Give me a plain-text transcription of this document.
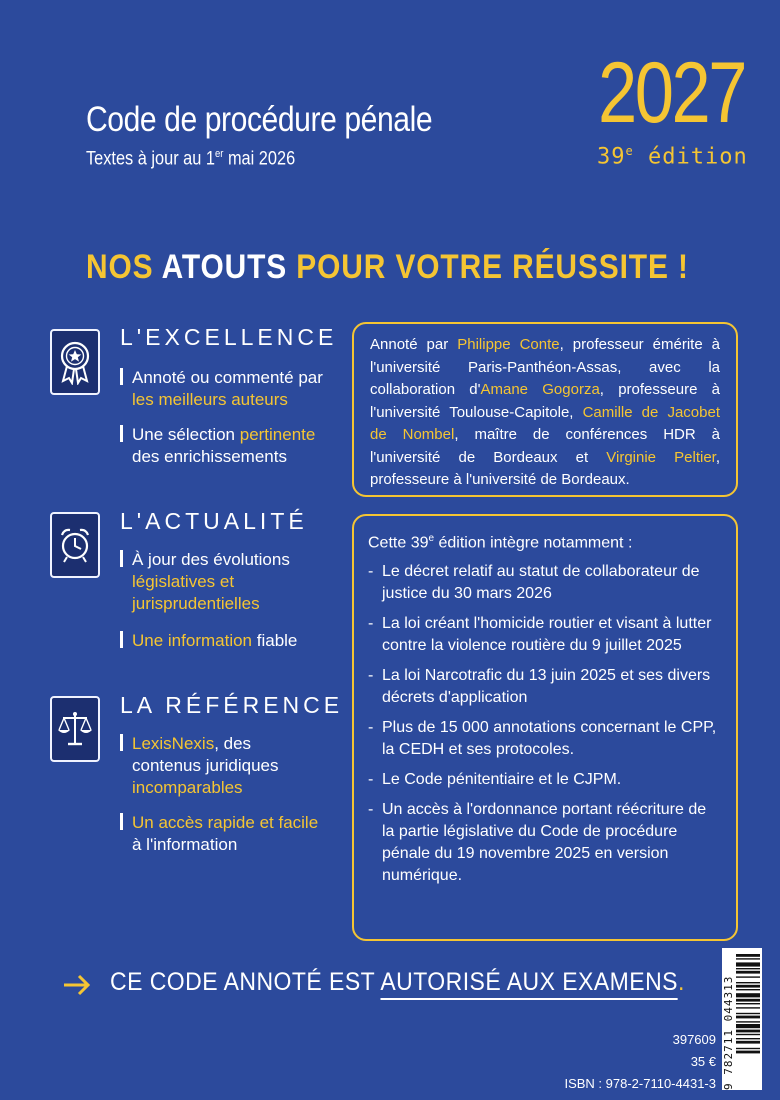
Code de procédure pénale
Textes à jour au 1er mai 2026
2027
39e édition
NOS ATOUTS POUR VOTRE RÉUSSITE !
L'EXCELLENCE
Annoté ou commenté par
les meilleurs auteurs
Une sélection pertinente
des enrichissements
L'ACTUALITÉ
À jour des évolutions
législatives et
jurisprudentielles
Une information fiable
LA RÉFÉRENCE
LexisNexis, des
contenus juridiques
incomparables
Un accès rapide et facile
à l'information

Annoté par Philippe Conte, professeur émérite à l'université Paris-Panthéon-Assas, avec la collaboration d'Amane Gogorza, professeure à l'université Toulouse-Capitole, Camille de Jacobet de Nombel, maître de conférences HDR à l'université de Bordeaux et Virginie Peltier, professeure à l'université de Bordeaux.

Cette 39e édition intègre notamment :
- Le décret relatif au statut de collaborateur de justice du 30 mars 2026
- La loi créant l'homicide routier et visant à lutter contre la violence routière du 9 juillet 2025
- La loi Narcotrafic du 13 juin 2025 et ses divers décrets d'application
- Plus de 15 000 annotations concernant le CPP, la CEDH et ses protocoles.
- Le Code pénitentiaire et le CJPM.
- Un accès à l'ordonnance portant réécriture de la partie législative du Code de procédure pénale du 19 novembre 2025 en version numérique.
CE CODE ANNOTÉ EST AUTORISÉ AUX EXAMENS.
397609
35 €
ISBN : 978-2-7110-4431-3 9 782711 044313
